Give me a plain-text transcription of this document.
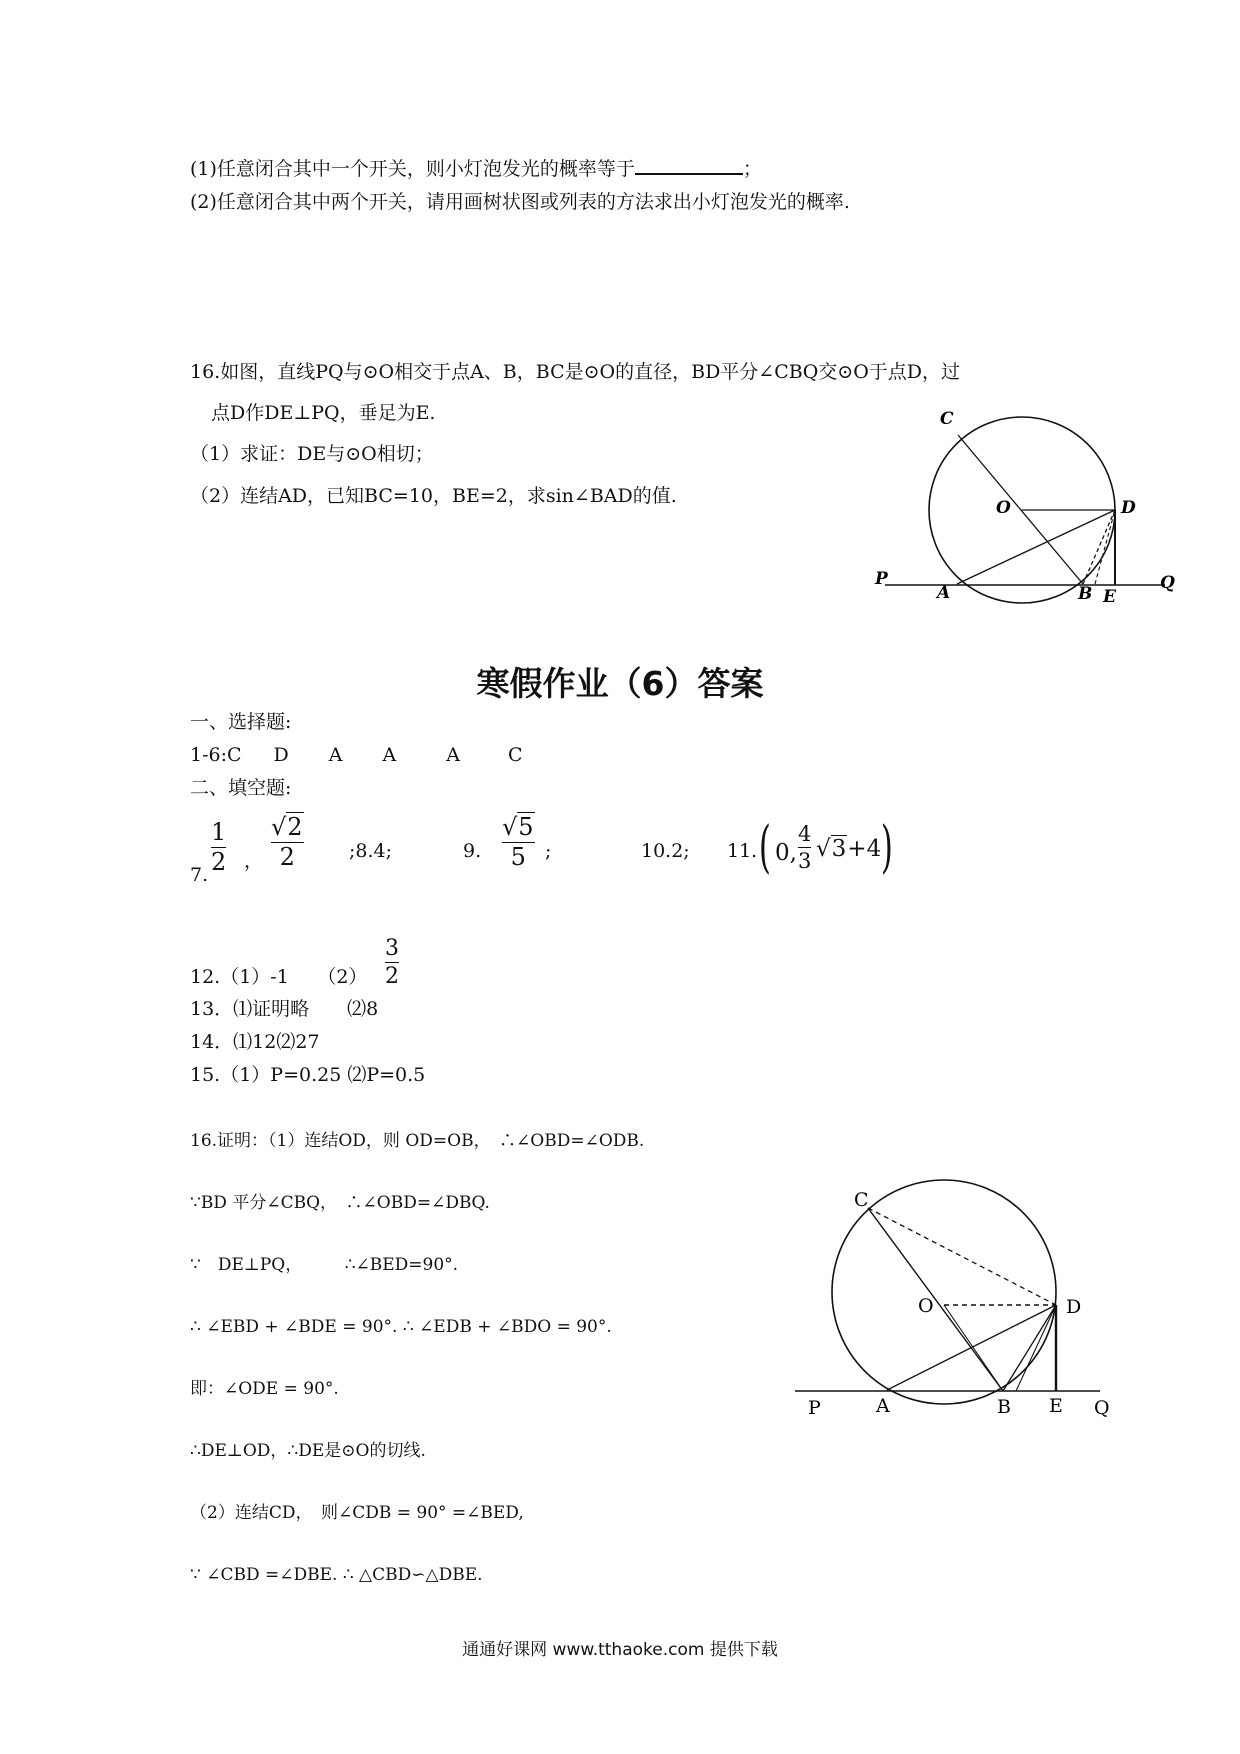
(1)任意闭合其中一个开关，则小灯泡发光的概率等于	；
(2)任意闭合其中两个开关，请用画树状图或列表的方法求出小灯泡发光的概率.
16.如图，直线PQ与⊙O相交于点A、B，BC是⊙O的直径，BD平分∠CBQ交⊙O于点D，过
点D作DE⊥PQ，垂足为E.
（1）求证：DE与⊙O相切；
（2）连结AD，已知BC=10，BE=2，求sin∠BAD的值.
C
O	D
P
A	B E
Q
寒假作业（6）答案
一、选择题:
1-6:C D A A	A	C
二、填空题:
7.
1
2 ，
√2
2	;8.4;	9.
√5
5	;	10.2; 11. ( 0,
4
3 √3+4 )
12.（1）-1　　（2）
3
2
13．⑴证明略　　⑵8
14．⑴12⑵27
15.（1）P=0.25 ⑵P=0.5
16.证明：（1）连结OD，则 OD=OB，　∴∠OBD=∠ODB.
∵BD 平分∠CBQ，　∴∠OBD=∠DBQ.
∵　DE⊥PQ，　　　∴∠BED=90°.
∴ ∠EBD + ∠BDE = 90°. ∴ ∠EDB + ∠BDO = 90°.
即：∠ODE = 90°.
∴DE⊥OD，∴DE是⊙O的切线.
（2）连结CD，　则∠CDB = 90° =∠BED,
∵ ∠CBD =∠DBE. ∴ △CBD∽△DBE.
C
O	D
P	A	B E Q
通通好课网 www.tthaoke.com 提供下载
